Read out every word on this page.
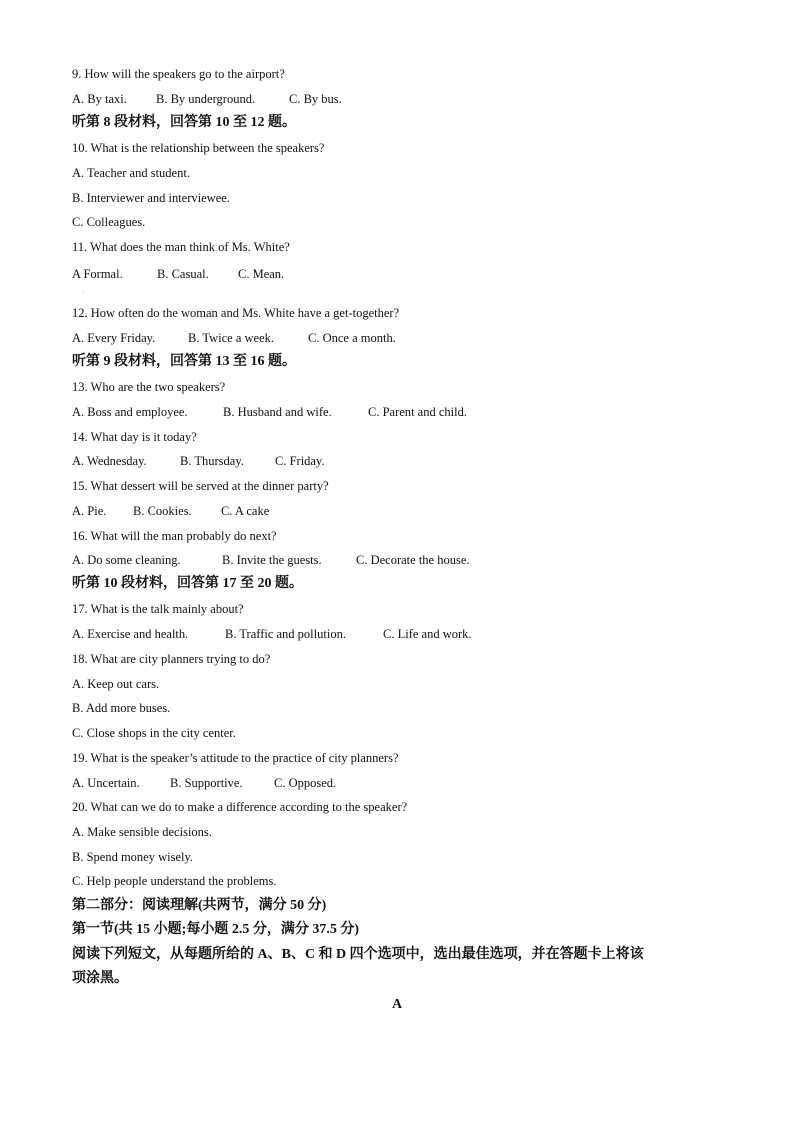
9. How will the speakers go to the airport?
A. By taxi. B. By underground.	C. By bus.
听第 8 段材料，回答第 10 至 12 题。
10. What is the relationship between the speakers?
A. Teacher and student.
B. Interviewer and interviewee.
C. Colleagues.
11. What does the man think of Ms. White?
A Formal.	B. Casual. C. Mean.
12. How often do the woman and Ms. White have a get-together?
A. Every Friday.	B. Twice a week.	C. Once a month.
听第 9 段材料，回答第 13 至 16 题。
13. Who are the two speakers?
A. Boss and employee.	B. Husband and wife.	C. Parent and child.
14. What day is it today?
A. Wednesday.	B. Thursday. C. Friday.
15. What dessert will be served at the dinner party?
A. Pie. B. Cookies. C. A cake
16. What will the man probably do next?
A. Do some cleaning.	B. Invite the guests.	C. Decorate the house.
听第 10 段材料，回答第 17 至 20 题。
17. What is the talk mainly about?
A. Exercise and health.	B. Traffic and pollution.	C. Life and work.
18. What are city planners trying to do?
A. Keep out cars.
B. Add more buses.
C. Close shops in the city center.
19. What is the speaker’s attitude to the practice of city planners?
A. Uncertain. B. Supportive.	C. Opposed.
20. What can we do to make a difference according to the speaker?
A. Make sensible decisions.
B. Spend money wisely.
C. Help people understand the problems.
第二部分：阅读理解(共两节，满分 50 分)
第一节(共 15 小题;每小题 2.5 分，满分 37.5 分)
阅读下列短文，从每题所给的 A、B、C 和 D 四个选项中，选出最佳选项，并在答题卡上将该
项涂黑。
A
·
